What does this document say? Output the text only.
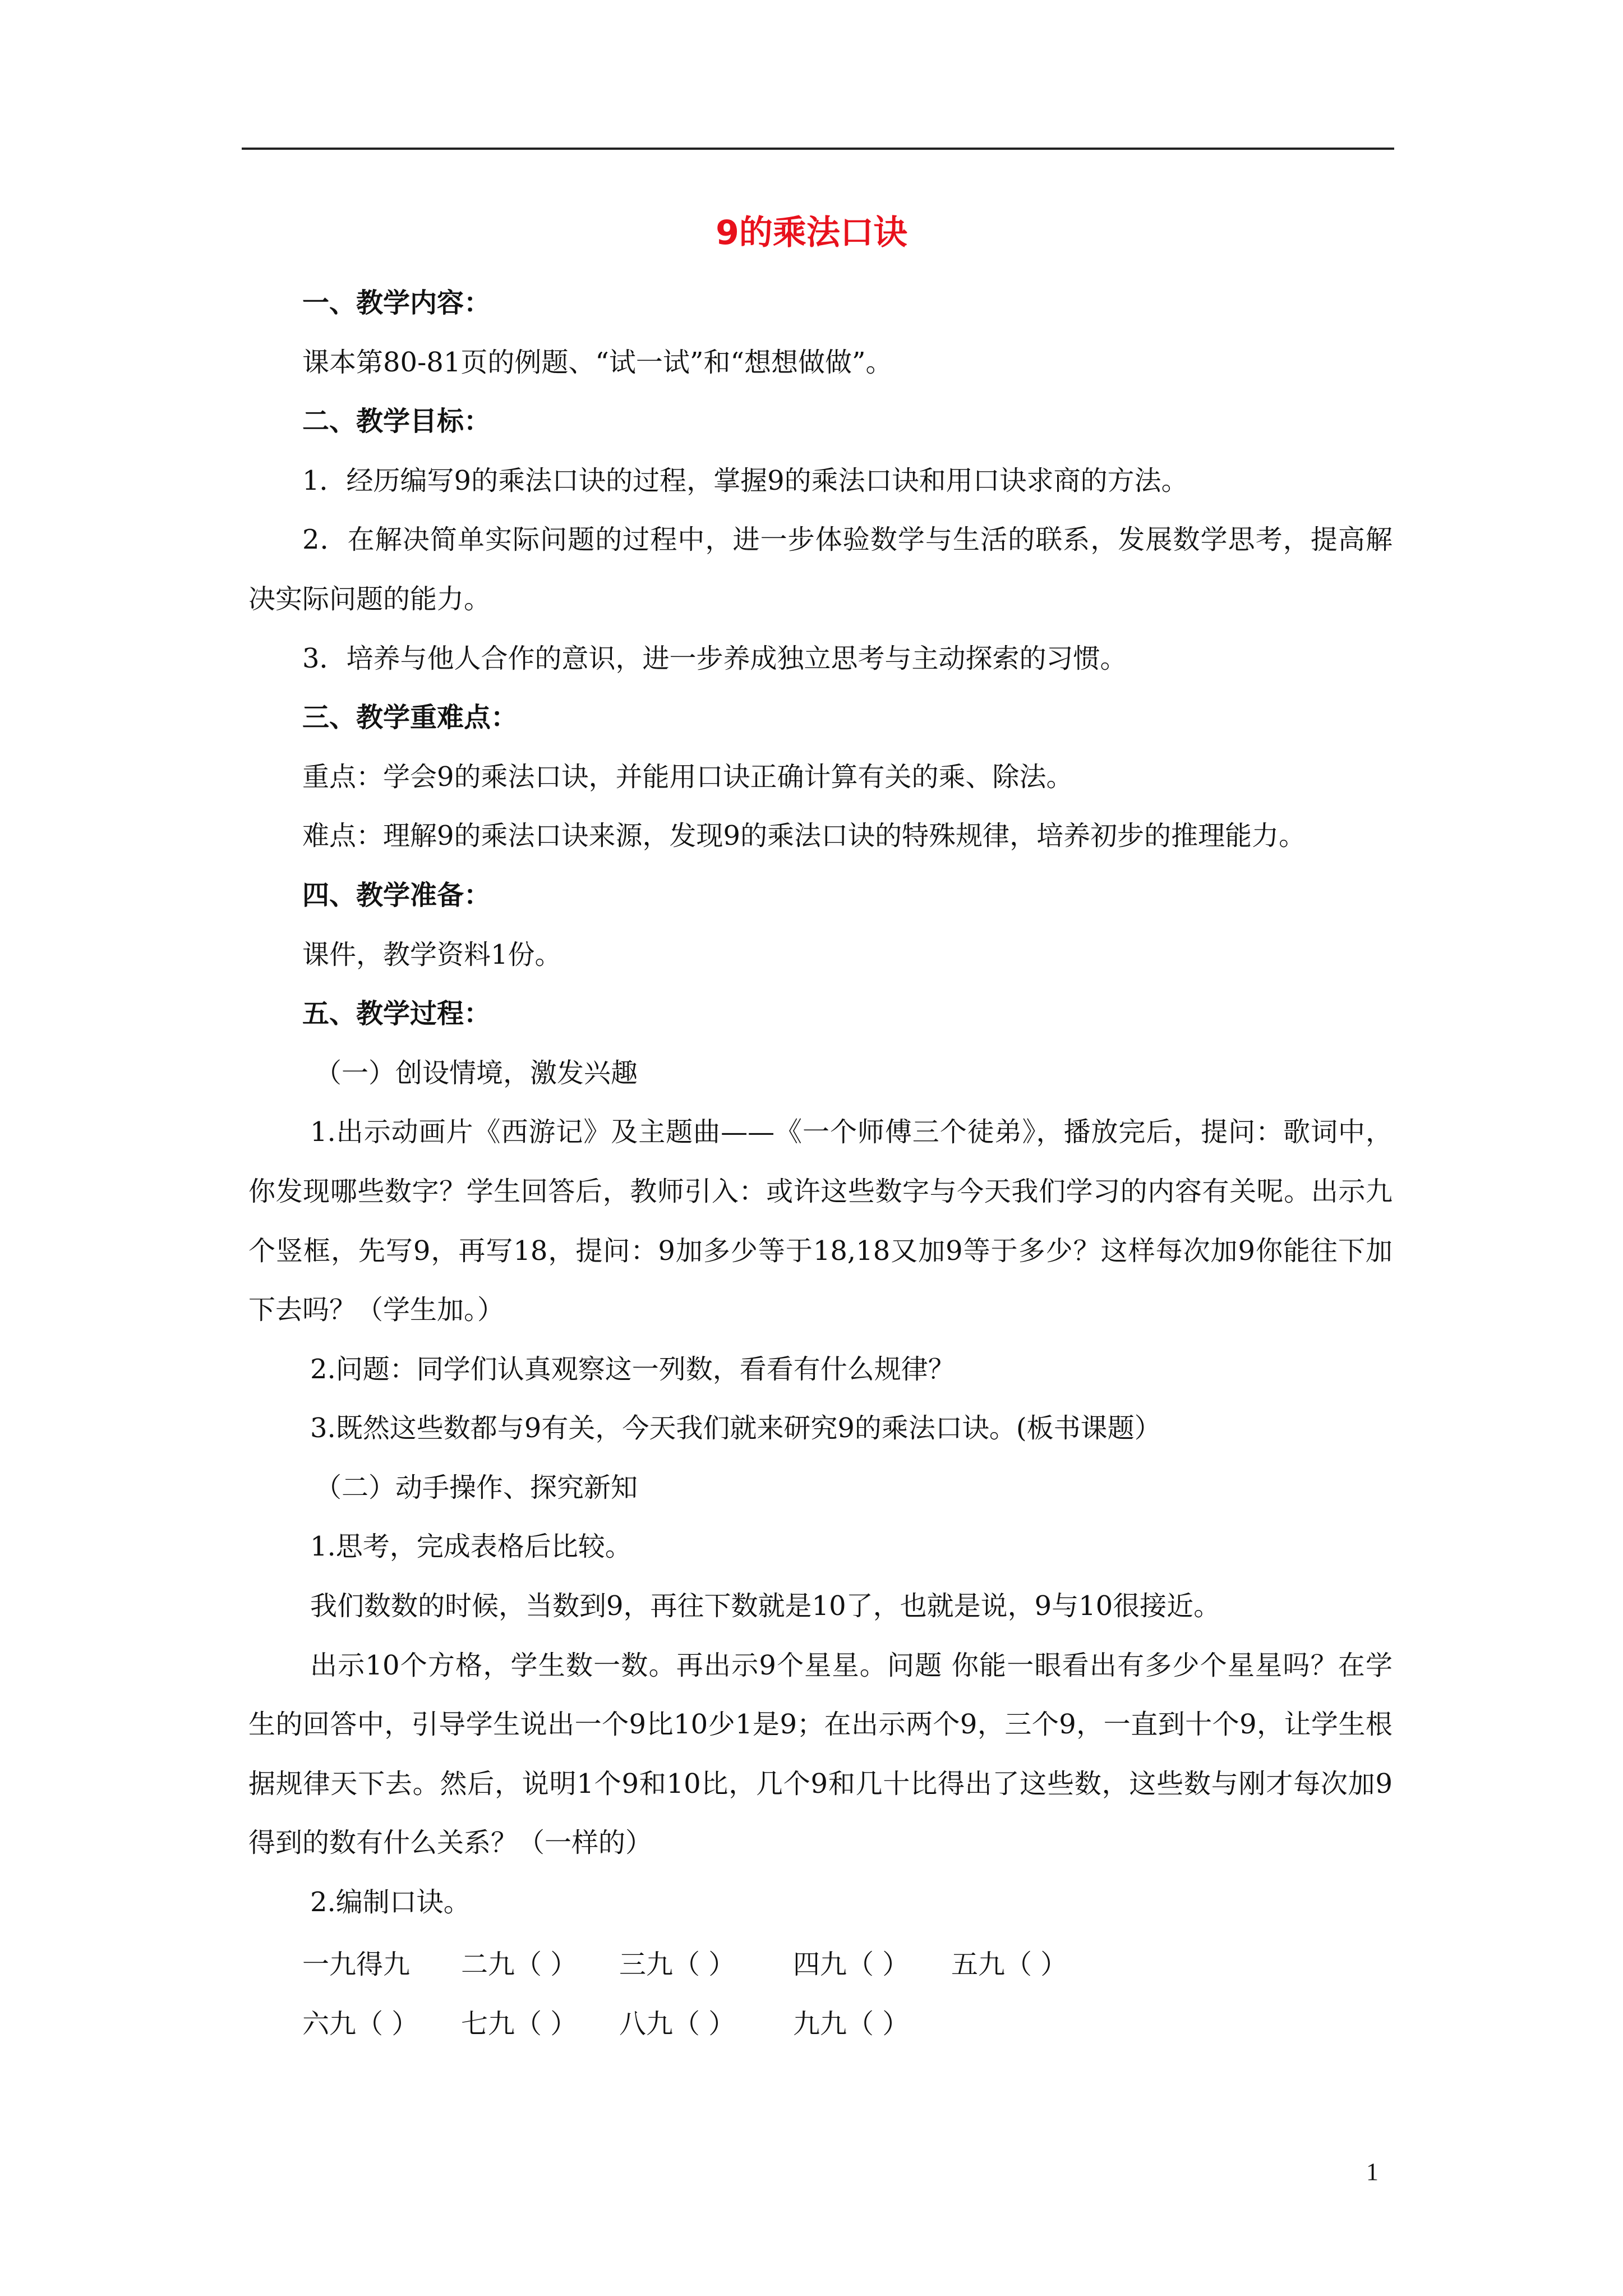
9的乘法口诀

一、教学内容：

课本第80-81页的例题、“试一试”和“想想做做”。

二、教学目标：

1．经历编写9的乘法口诀的过程，掌握9的乘法口诀和用口诀求商的方法。

2．在解决简单实际问题的过程中，进一步体验数学与生活的联系，发展数学思考，提高解决实际问题的能力。

3．培养与他人合作的意识，进一步养成独立思考与主动探索的习惯。

三、教学重难点：

重点：学会9的乘法口诀，并能用口诀正确计算有关的乘、除法。

难点：理解9的乘法口诀来源，发现9的乘法口诀的特殊规律，培养初步的推理能力。

四、教学准备：

课件，教学资料1份。

五、教学过程：

（一）创设情境，激发兴趣

1.出示动画片《西游记》及主题曲——《一个师傅三个徒弟》，播放完后，提问：歌词中，你发现哪些数字？学生回答后，教师引入：或许这些数字与今天我们学习的内容有关呢。出示九个竖框，先写9，再写18，提问：9加多少等于18,18又加9等于多少？这样每次加9你能往下加下去吗？（学生加。）

2.问题：同学们认真观察这一列数，看看有什么规律？

3.既然这些数都与9有关，今天我们就来研究9的乘法口诀。(板书课题）

（二）动手操作、探究新知

1.思考，完成表格后比较。

我们数数的时候，当数到9，再往下数就是10了，也就是说，9与10很接近。

出示10个方格，学生数一数。再出示9个星星。问题 你能一眼看出有多少个星星吗？在学生的回答中，引导学生说出一个9比10少1是9；在出示两个9，三个9，一直到十个9，让学生根据规律天下去。然后，说明1个9和10比，几个9和几十比得出了这些数，这些数与刚才每次加9得到的数有什么关系？（一样的）

2.编制口诀。

一九得九	二九（ ）	三九（ ）	四九（ ）	五九（ ）
六九（ ）	七九（ ）	八九（ ）	九九（ ）
1
